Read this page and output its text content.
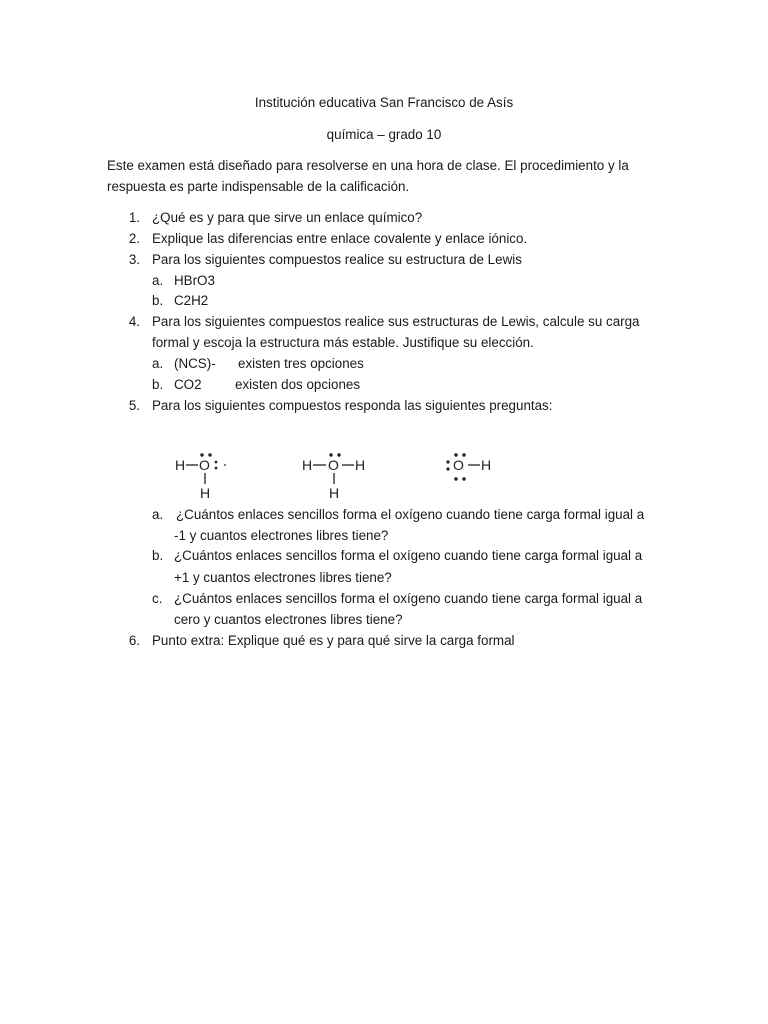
Institución educativa San Francisco de Asís
química – grado 10
Este examen está diseñado para resolverse en una hora de clase. El procedimiento y la
respuesta es parte indispensable de la calificación.
1. ¿Qué es y para que sirve un enlace químico?
2. Explique las diferencias entre enlace covalente y enlace iónico.
3. Para los siguientes compuestos realice su estructura de Lewis
a. HBrO3
b. C2H2
4. Para los siguientes compuestos realice sus estructuras de Lewis, calcule su carga
formal y escoja la estructura más estable. Justifique su elección.
a. (NCS)- existen tres opciones
b. CO2 existen dos opciones
5. Para los siguientes compuestos responda las siguientes preguntas:
H O
H
H O H
H
O H
a. ¿Cuántos enlaces sencillos forma el oxígeno cuando tiene carga formal igual a
-1 y cuantos electrones libres tiene?
b. ¿Cuántos enlaces sencillos forma el oxígeno cuando tiene carga formal igual a
+1 y cuantos electrones libres tiene?
c. ¿Cuántos enlaces sencillos forma el oxígeno cuando tiene carga formal igual a
cero y cuantos electrones libres tiene?
6. Punto extra: Explique qué es y para qué sirve la carga formal
